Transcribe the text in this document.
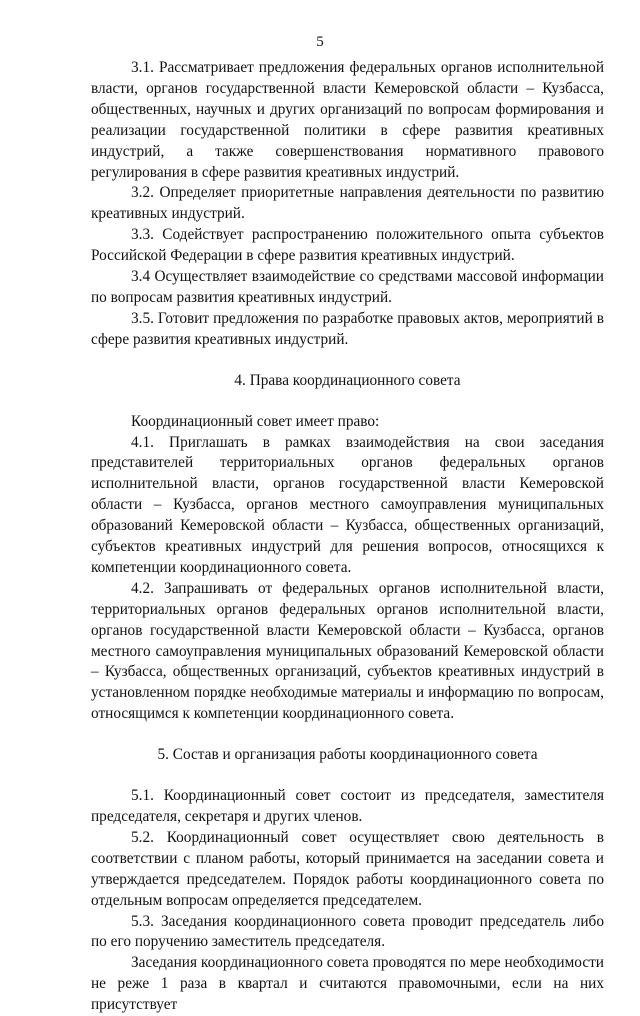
5

3.1. Рассматривает предложения федеральных органов исполнительной власти, органов государственной власти Кемеровской области – Кузбасса, общественных, научных и других организаций по вопросам формирования и реализации государственной политики в сфере развития креативных индустрий, а также совершенствования нормативного правового регулирования в сфере развития креативных индустрий.

3.2. Определяет приоритетные направления деятельности по развитию креативных индустрий.

3.3. Содействует распространению положительного опыта субъектов Российской Федерации в сфере развития креативных индустрий.

3.4 Осуществляет взаимодействие со средствами массовой информации по вопросам развития креативных индустрий.

3.5. Готовит предложения по разработке правовых актов, мероприятий в сфере развития креативных индустрий.

4. Права координационного совета

Координационный совет имеет право:

4.1. Приглашать в рамках взаимодействия на свои заседания представителей территориальных органов федеральных органов исполнительной власти, органов государственной власти Кемеровской области – Кузбасса, органов местного самоуправления муниципальных образований Кемеровской области – Кузбасса, общественных организаций, субъектов креативных индустрий для решения вопросов, относящихся к компетенции координационного совета.

4.2. Запрашивать от федеральных органов исполнительной власти, территориальных органов федеральных органов исполнительной власти, органов государственной власти Кемеровской области – Кузбасса, органов местного самоуправления муниципальных образований Кемеровской области – Кузбасса, общественных организаций, субъектов креативных индустрий в установленном порядке необходимые материалы и информацию по вопросам, относящимся к компетенции координационного совета.

5. Состав и организация работы координационного совета

5.1. Координационный совет состоит из председателя, заместителя председателя, секретаря и других членов.

5.2. Координационный совет осуществляет свою деятельность в соответствии с планом работы, который принимается на заседании совета и утверждается председателем. Порядок работы координационного совета по отдельным вопросам определяется председателем.

5.3. Заседания координационного совета проводит председатель либо по его поручению заместитель председателя.

Заседания координационного совета проводятся по мере необходимости не реже 1 раза в квартал и считаются правомочными, если на них присутствует
